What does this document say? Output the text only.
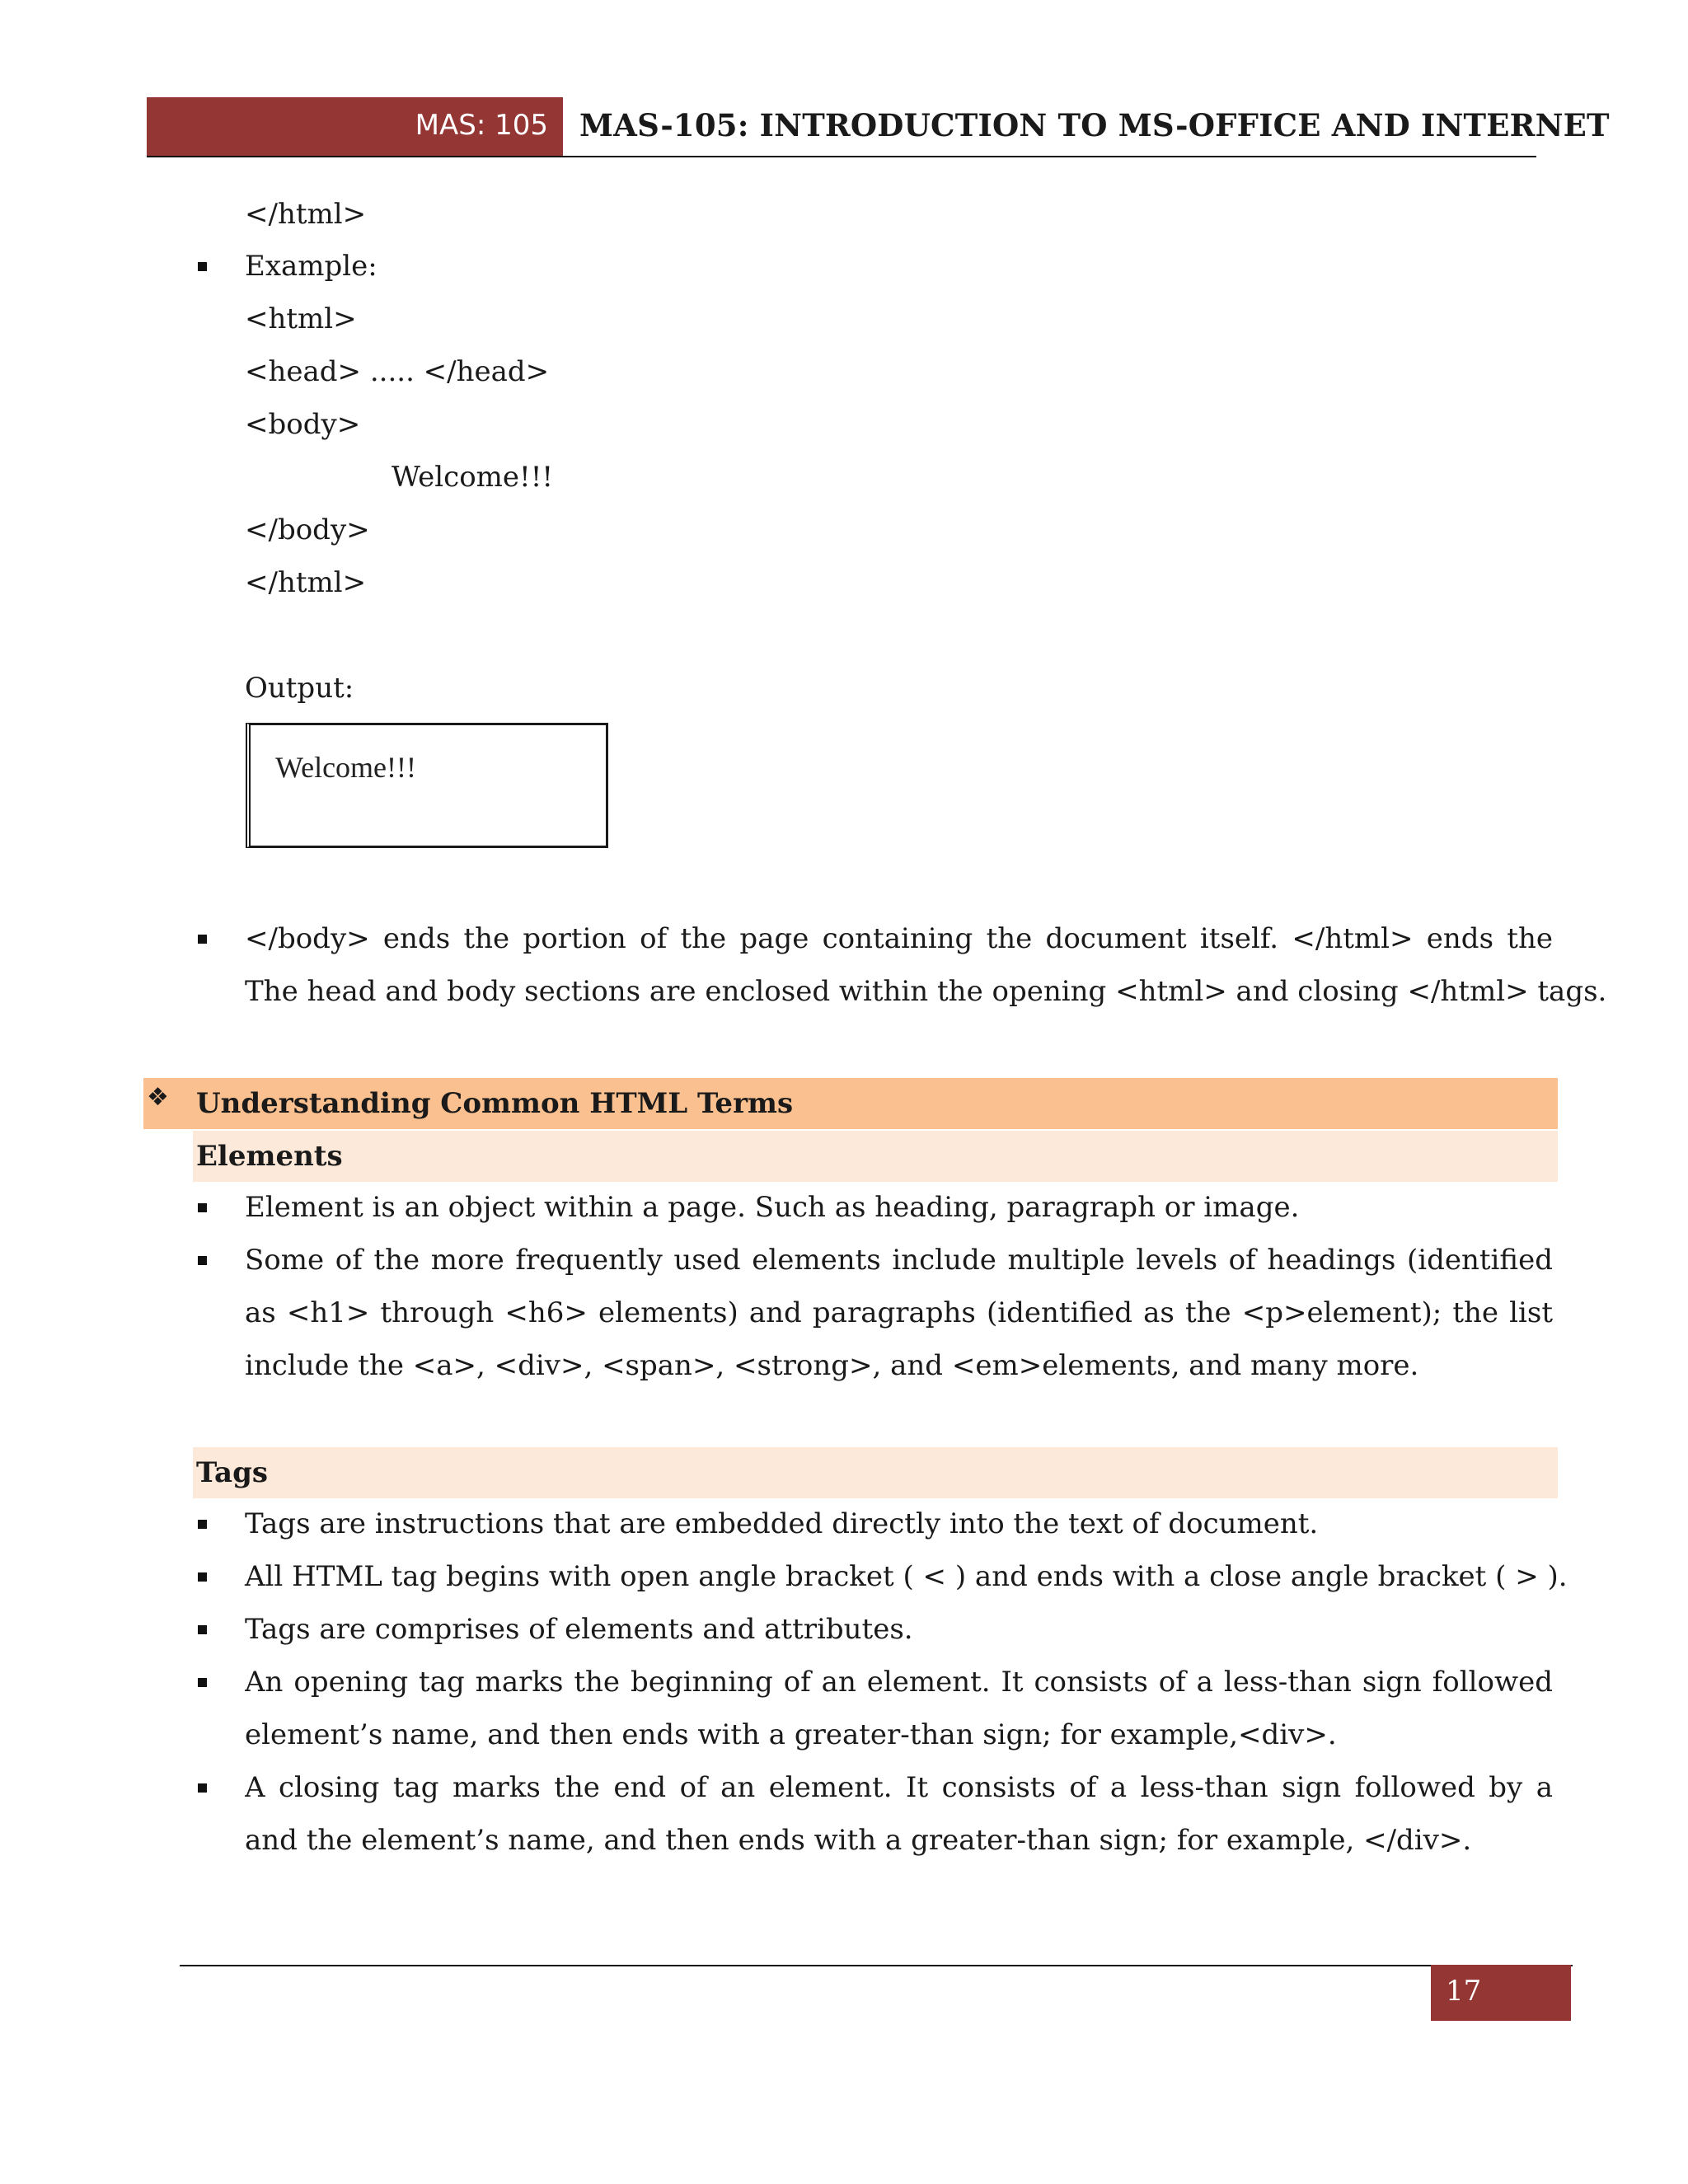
MAS: 105 MAS-105: INTRODUCTION TO MS-OFFICE AND INTERNET
</html>
Example:
<html>
<head> ..... </head>
<body>
Welcome!!!
</body>
</html>
Output:
Welcome!!!
</body> ends the portion of the page containing the document itself. </html> ends the
The head and body sections are enclosed within the opening <html> and closing </html> tags.
❖ Understanding Common HTML Terms
Elements
Element is an object within a page. Such as heading, paragraph or image.
Some of the more frequently used elements include multiple levels of headings (identified
as <h1> through <h6> elements) and paragraphs (identified as the <p>element); the list
include the <a>, <div>, <span>, <strong>, and <em>elements, and many more.
Tags
Tags are instructions that are embedded directly into the text of document.
All HTML tag begins with open angle bracket ( < ) and ends with a close angle bracket ( > ).
Tags are comprises of elements and attributes.
An opening tag marks the beginning of an element. It consists of a less-than sign followed
element’s name, and then ends with a greater-than sign; for example,<div>.
A closing tag marks the end of an element. It consists of a less-than sign followed by a
and the element’s name, and then ends with a greater-than sign; for example, </div>.
17
